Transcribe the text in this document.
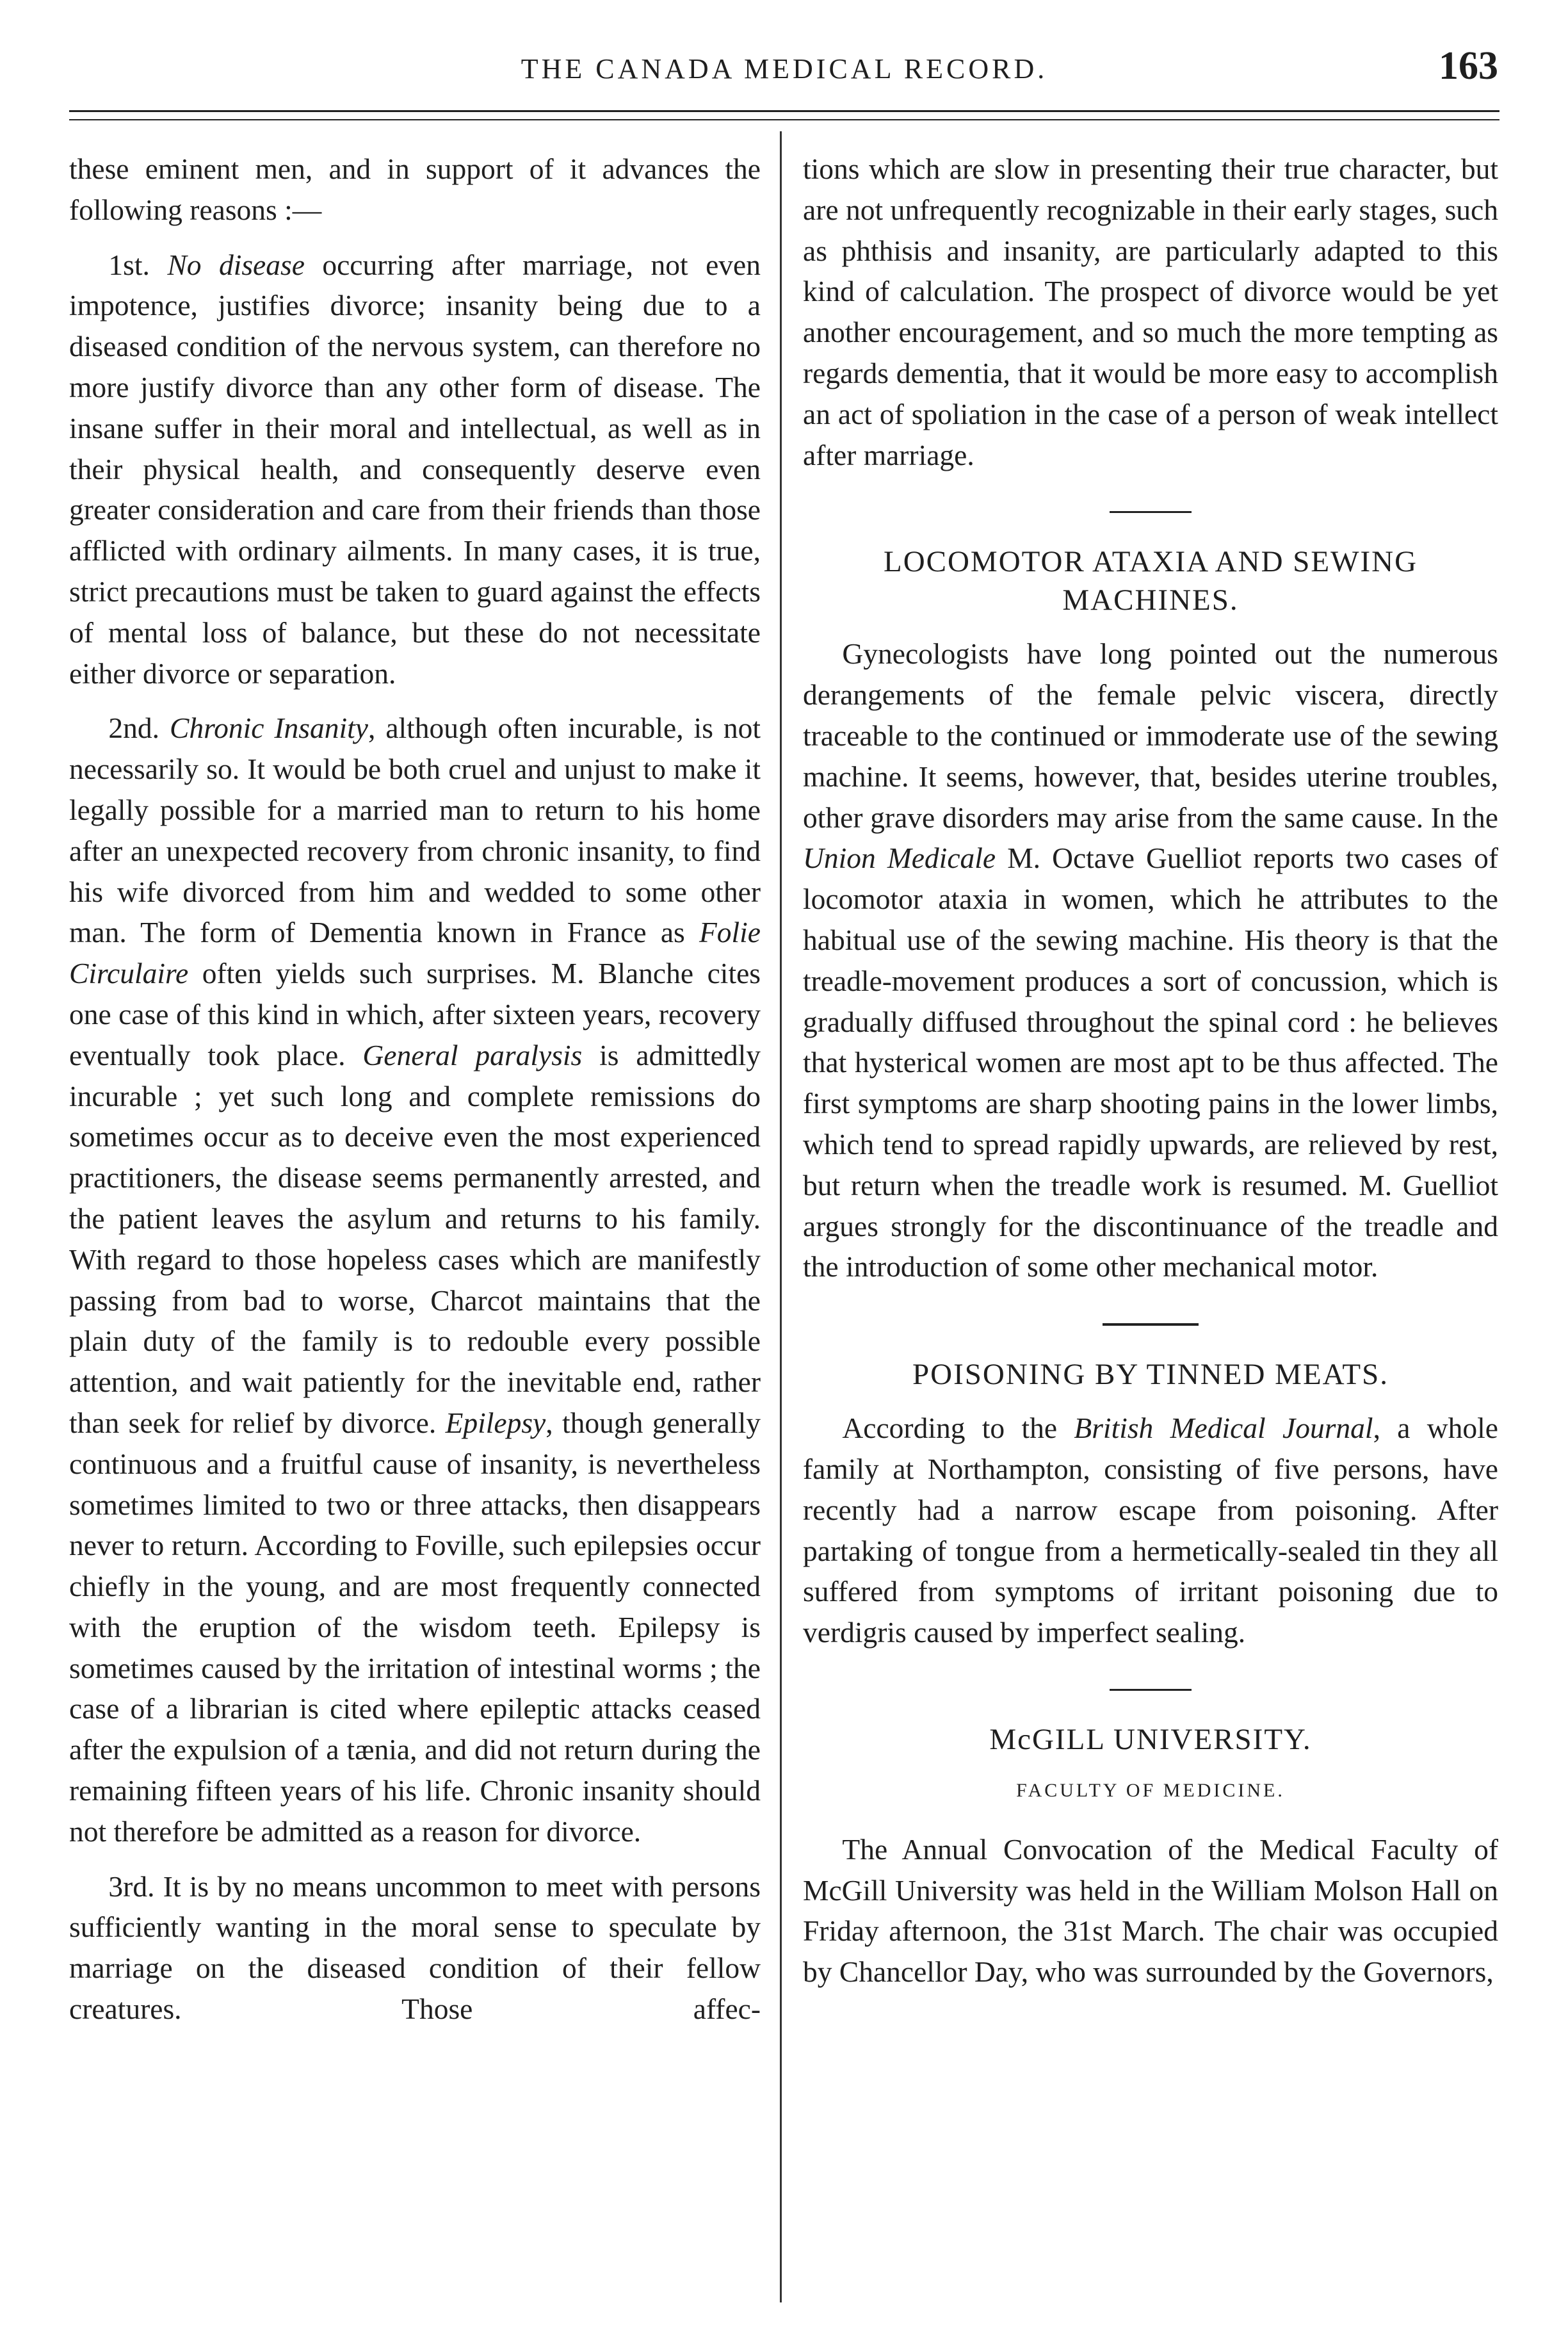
THE CANADA MEDICAL RECORD.	163

these eminent men, and in support of it advances the following reasons :—

1st. No disease occurring after marriage, not even impotence, justifies divorce; insanity being due to a diseased condition of the nervous system, can therefore no more justify divorce than any other form of disease. The insane suffer in their moral and intellectual, as well as in their physical health, and consequently deserve even greater consideration and care from their friends than those afflicted with ordinary ailments. In many cases, it is true, strict precautions must be taken to guard against the effects of mental loss of balance, but these do not necessitate either divorce or separation.

2nd. Chronic Insanity, although often incurable, is not necessarily so. It would be both cruel and unjust to make it legally possible for a married man to return to his home after an unexpected recovery from chronic insanity, to find his wife divorced from him and wedded to some other man. The form of Dementia known in France as Folie Circulaire often yields such surprises. M. Blanche cites one case of this kind in which, after sixteen years, recovery eventually took place. General paralysis is admittedly incurable ; yet such long and complete remissions do sometimes occur as to deceive even the most experienced practitioners, the disease seems permanently arrested, and the patient leaves the asylum and returns to his family. With regard to those hopeless cases which are manifestly passing from bad to worse, Charcot maintains that the plain duty of the family is to redouble every possible attention, and wait patiently for the inevitable end, rather than seek for relief by divorce. Epilepsy, though generally continuous and a fruitful cause of insanity, is nevertheless sometimes limited to two or three attacks, then disappears never to return. According to Foville, such epilepsies occur chiefly in the young, and are most frequently connected with the eruption of the wisdom teeth. Epilepsy is sometimes caused by the irritation of intestinal worms ; the case of a librarian is cited where epileptic attacks ceased after the expulsion of a tænia, and did not return during the remaining fifteen years of his life. Chronic insanity should not therefore be admitted as a reason for divorce.

3rd. It is by no means uncommon to meet with persons sufficiently wanting in the moral sense to speculate by marriage on the diseased condition of their fellow creatures. Those affec-

tions which are slow in presenting their true character, but are not unfrequently recognizable in their early stages, such as phthisis and insanity, are particularly adapted to this kind of calculation. The prospect of divorce would be yet another encouragement, and so much the more tempting as regards dementia, that it would be more easy to accomplish an act of spoliation in the case of a person of weak intellect after marriage.

LOCOMOTOR ATAXIA AND SEWING MACHINES.

Gynecologists have long pointed out the numerous derangements of the female pelvic viscera, directly traceable to the continued or immoderate use of the sewing machine. It seems, however, that, besides uterine troubles, other grave disorders may arise from the same cause. In the Union Medicale M. Octave Guelliot reports two cases of locomotor ataxia in women, which he attributes to the habitual use of the sewing machine. His theory is that the treadle-movement produces a sort of concussion, which is gradually diffused throughout the spinal cord : he believes that hysterical women are most apt to be thus affected. The first symptoms are sharp shooting pains in the lower limbs, which tend to spread rapidly upwards, are relieved by rest, but return when the treadle work is resumed. M. Guelliot argues strongly for the discontinuance of the treadle and the introduction of some other mechanical motor.

POISONING BY TINNED MEATS.

According to the British Medical Journal, a whole family at Northampton, consisting of five persons, have recently had a narrow escape from poisoning. After partaking of tongue from a hermetically-sealed tin they all suffered from symptoms of irritant poisoning due to verdigris caused by imperfect sealing.

McGILL UNIVERSITY.
FACULTY OF MEDICINE.

The Annual Convocation of the Medical Faculty of McGill University was held in the William Molson Hall on Friday afternoon, the 31st March. The chair was occupied by Chancellor Day, who was surrounded by the Governors,
